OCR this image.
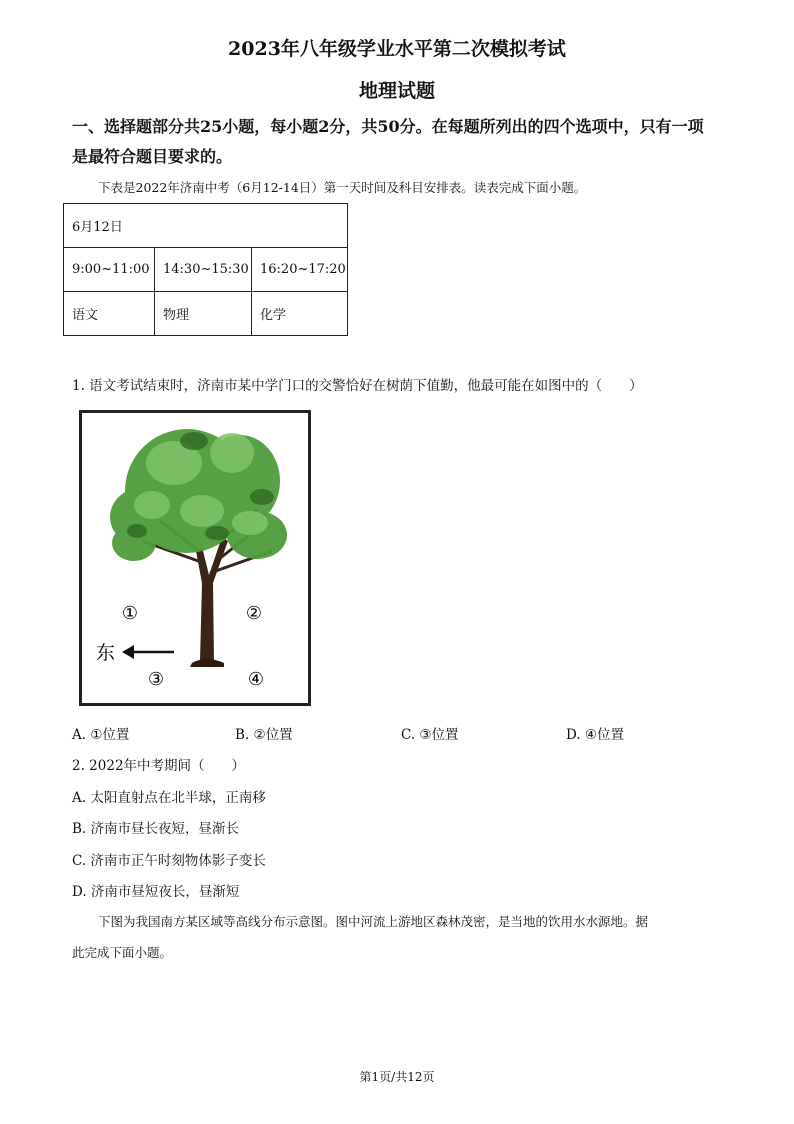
2023年八年级学业水平第二次模拟考试
地理试题
一、选择题部分共25小题，每小题2分，共50分。在每题所列出的四个选项中，只有一项
是最符合题目要求的。
下表是2022年济南中考（6月12-14日）第一天时间及科目安排表。读表完成下面小题。
6月12日		
9:00~11:00	14:30~15:30	16:20~17:20
语文	物理	化学
1. 语文考试结束时，济南市某中学门口的交警恰好在树荫下值勤，他最可能在如图中的（　　）
①	②
③	④
东
A. ①位置	B. ②位置	C. ③位置	D. ④位置
2. 2022年中考期间（　　）
A. 太阳直射点在北半球，正南移
B. 济南市昼长夜短，昼渐长
C. 济南市正午时刻物体影子变长
D. 济南市昼短夜长，昼渐短
下图为我国南方某区域等高线分布示意图。图中河流上游地区森林茂密，是当地的饮用水水源地。据
此完成下面小题。
第1页/共12页
